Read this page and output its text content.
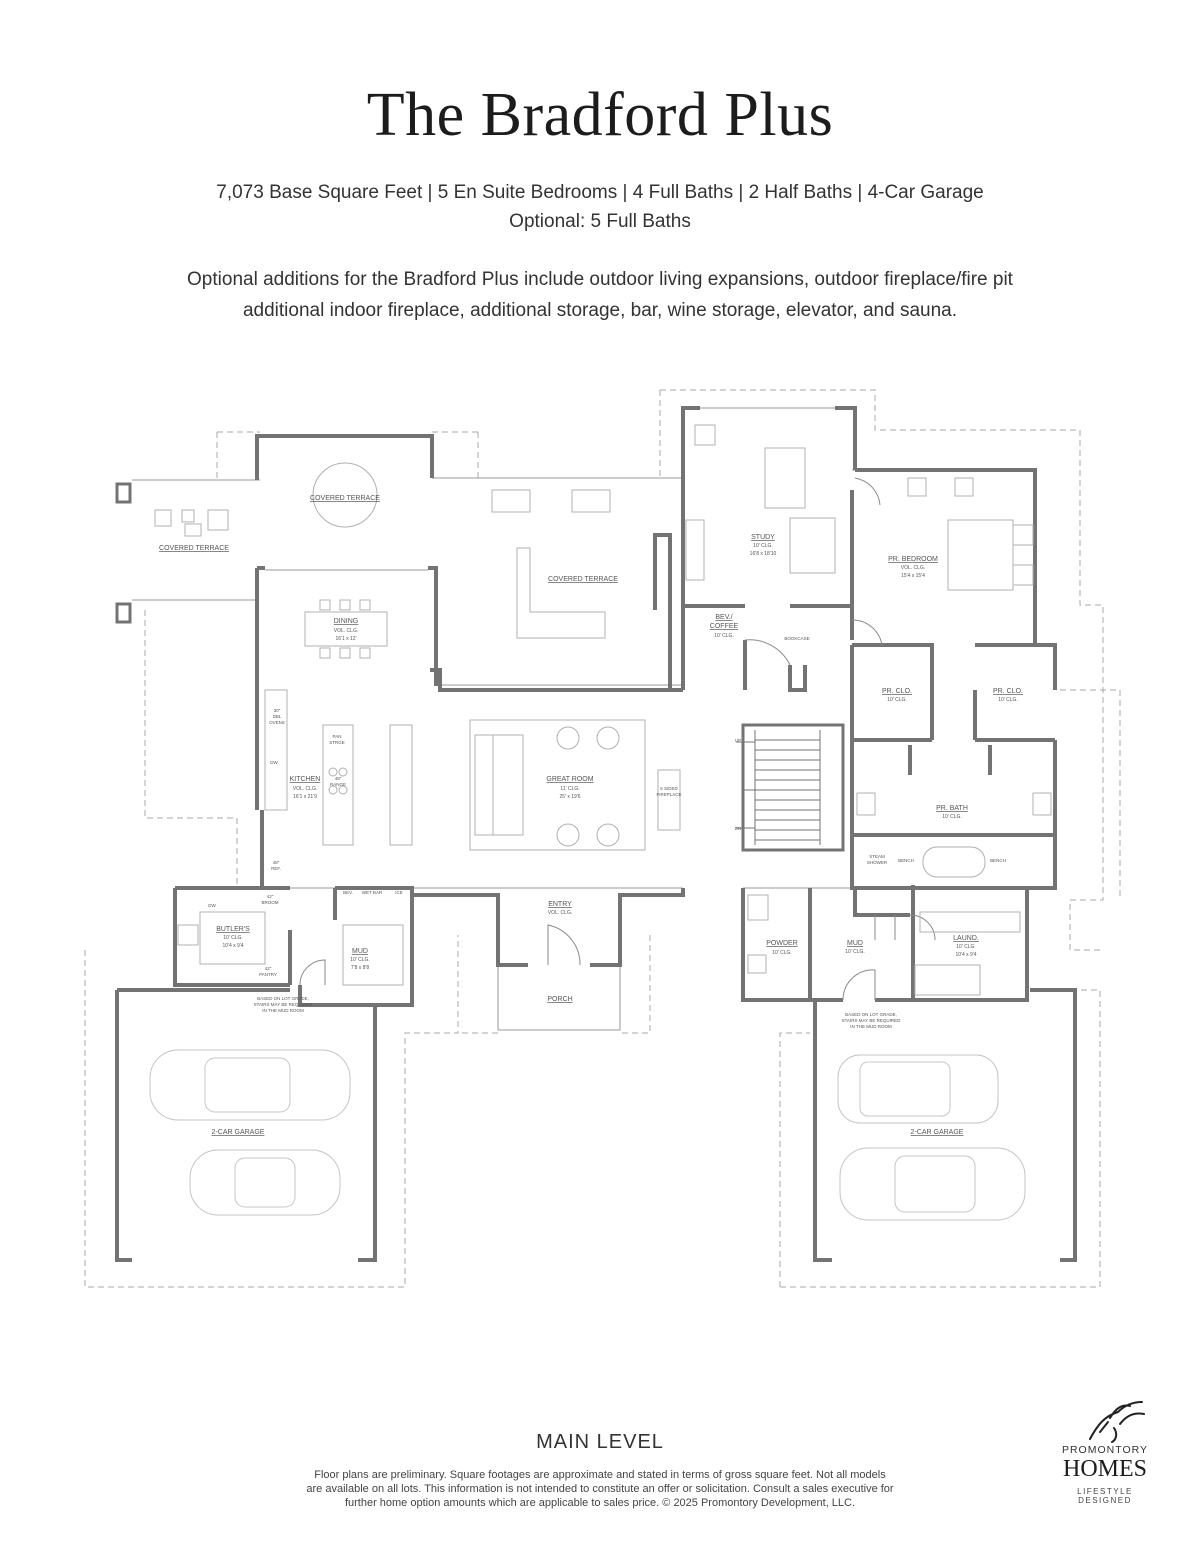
The Bradford Plus
7,073 Base Square Feet | 5 En Suite Bedrooms | 4 Full Baths | 2 Half Baths | 4-Car Garage
Optional: 5 Full Baths
Optional additions for the Bradford Plus include outdoor living expansions, outdoor fireplace/fire pit
additional indoor fireplace, additional storage, bar, wine storage, elevator, and sauna.
COVERED TERRACE
COVERED TERRACE
COVERED TERRACE
DINING
VOL. CLG.
16'1 x 12'
STUDY
10' CLG.
16'8 x 18'10
BEV./
COFFEE
10' CLG.
PR. BEDROOM
VOL. CLG.
15'4 x 15'4
PR. CLO.
10' CLG.
PR. CLO.
10' CLG.
KITCHEN
VOL. CLG.
16'1 x 21'9
GREAT ROOM
11' CLG.
25' x 19'6
PR. BATH
10' CLG.
BUTLER'S
10' CLG.
10'4 x 9'4
MUD
10' CLG.
7'8 x 8'8
ENTRY
VOL. CLG.
PORCH
POWDER
10' CLG.
MUD
10' CLG.
LAUND.
10' CLG.
10'4 x 9'4
2-CAR GARAGE	2-CAR GARAGE
30"
DBL
OVENS
DW
PAN
STRGE
48"
RANGE
48"
REF.
BEV. WET BAR	ICE
42"
BROOM
42"
PANTRY
DW
6 SIDED
FIREPLACE
STEAM
SHOWER BENCH	BENCH
BOOKCASE
UP
DN
BASED ON LOT GRADE,
STAIRS MAY BE REQUIRED
IN THE MUD ROOM
BASED ON LOT GRADE,
STAIRS MAY BE REQUIRED
IN THE MUD ROOM
MAIN LEVEL
Floor plans are preliminary. Square footages are approximate and stated in terms of gross square feet. Not all models
are available on all lots. This information is not intended to constitute an offer or solicitation. Consult a sales executive for
further home option amounts which are applicable to sales price. © 2025 Promontory Development, LLC.
PROMONTORY
HOMES
LIFESTYLE DESIGNED
